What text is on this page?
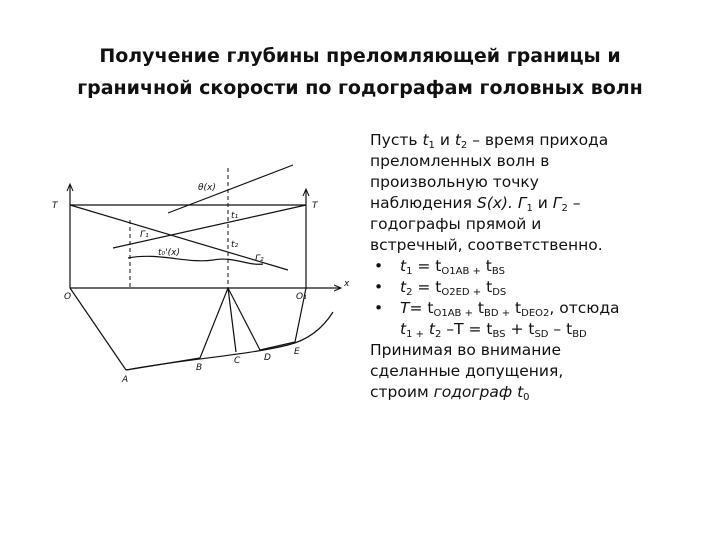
Получение глубины преломляющей границы и
граничной скорости по годографам головных волн
T	T
θ(x)
t₁
t₂
Γ₁
Γ₂
t₀'(x)
O	O₁
x
A
B
C	D
E
Пусть $t_1$ и $t_2$ – время прихода
преломленных волн в
произвольную точку
наблюдения S(x). $Г_1$ и $Г_2$ –
годографы прямой и
встречный, соответственно.
• $t_1 = t_{O1AB +}$ $t_{BS}$
• $t_2 = t_{O2ED +}$ $t_{DS}$
• $T= t_{O1AB +}$ $t_{BD +}$ $t_{DEO2}$, отсюда
$t_{1 +}$ $t_2$ $-T = t_{BS} + t_{SD} - t_{BD}$
Принимая во внимание
сделанные допущения,
строим годограф $t_0$
